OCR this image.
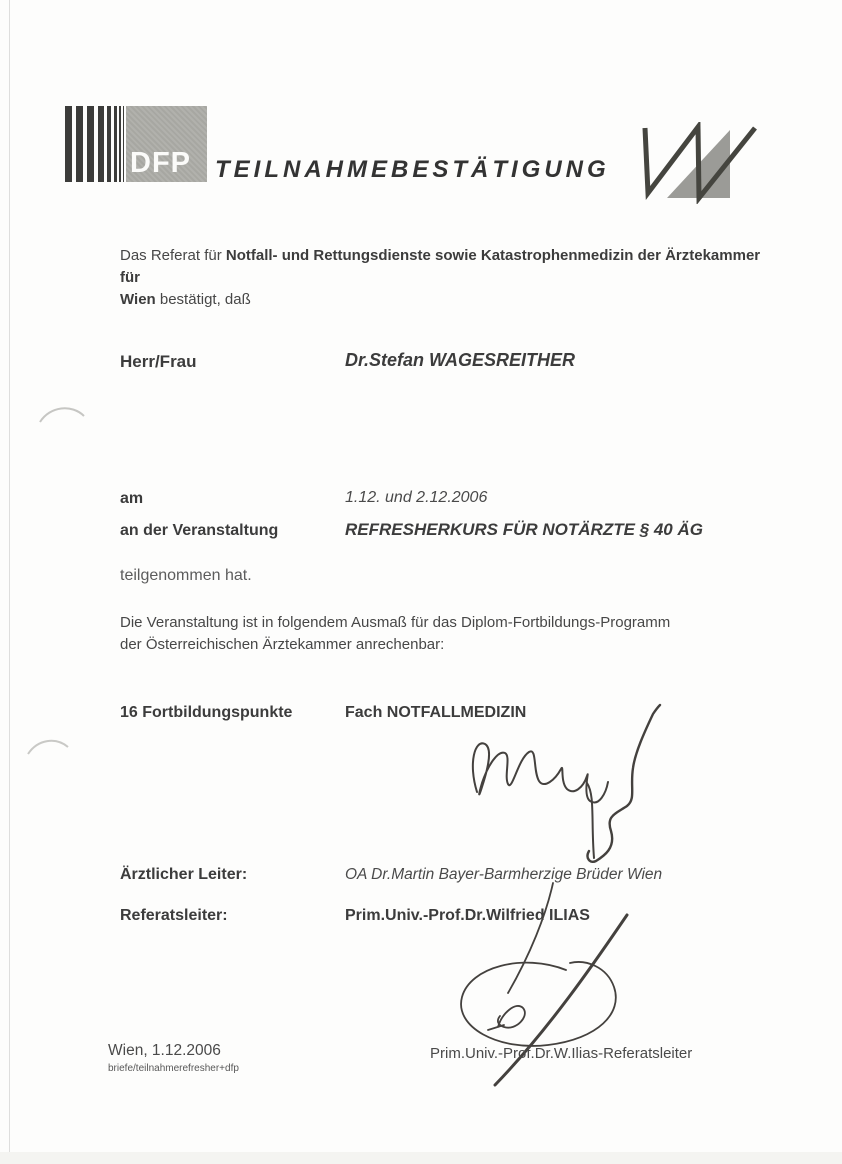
DFP TEILNAHMEBESTÄTIGUNG
Das Referat für Notfall- und Rettungsdienste sowie Katastrophenmedizin der Ärztekammer für
Wien bestätigt, daß
Herr/Frau	Dr.Stefan WAGESREITHER
am	1.12. und 2.12.2006
an der Veranstaltung	REFRESHERKURS FÜR NOTÄRZTE § 40 ÄG
teilgenommen hat.
Die Veranstaltung ist in folgendem Ausmaß für das Diplom-Fortbildungs-Programm
der Österreichischen Ärztekammer anrechenbar:
16 Fortbildungspunkte	Fach NOTFALLMEDIZIN
Ärztlicher Leiter:	OA Dr.Martin Bayer-Barmherzige Brüder Wien
Referatsleiter:	Prim.Univ.-Prof.Dr.Wilfried ILIAS
Wien, 1.12.2006
briefe/teilnahmerefresher+dfp
Prim.Univ.-Prof.Dr.W.Ilias-Referatsleiter
